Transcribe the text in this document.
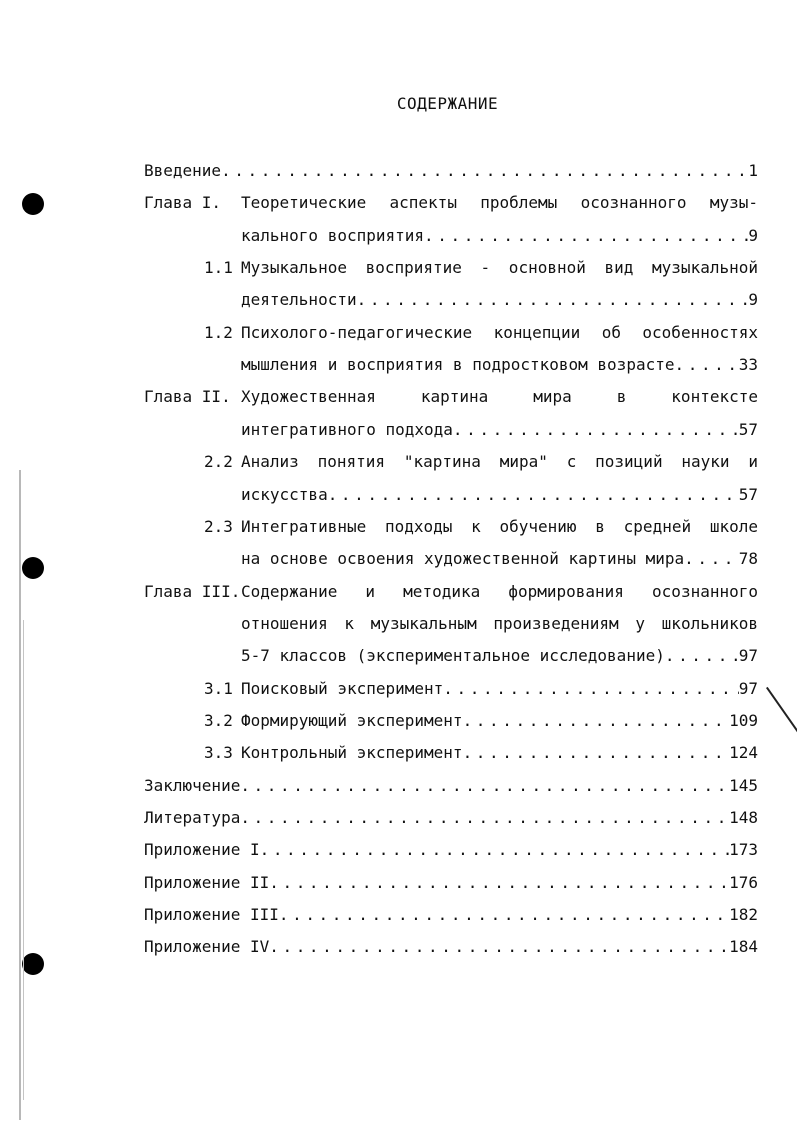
СОДЕРЖАНИЕ
Введение .....	1
Глава I. Теоретические аспекты проблемы осознанного музы-
кального восприятия .....	9
1.1 Музыкальное восприятие - основной вид музыкальной
деятельности .....	9
1.2 Психолого-педагогические концепции об особенностях
мышления и восприятия в подростковом возрасте .....	33
Глава II. Художественная картина мира в контексте
интегративного подхода .....	57
2.2 Анализ понятия "картина мира" с позиций науки и
искусства .....	57
2.3 Интегративные подходы к обучению в средней школе
на основе освоения художественной картины мира .....	78
Глава III. Содержание и методика формирования осознанного
отношения к музыкальным произведениям у школьников
5-7 классов (экспериментальное исследование) .....	97
3.1 Поисковый эксперимент .....	97
3.2 Формирующий эксперимент .....	109
3.3 Контрольный эксперимент .....	124
Заключение .....	145
Литература .....	148
Приложение I .....	173
Приложение II .....	176
Приложение III .....	182
Приложение IV .....	184
